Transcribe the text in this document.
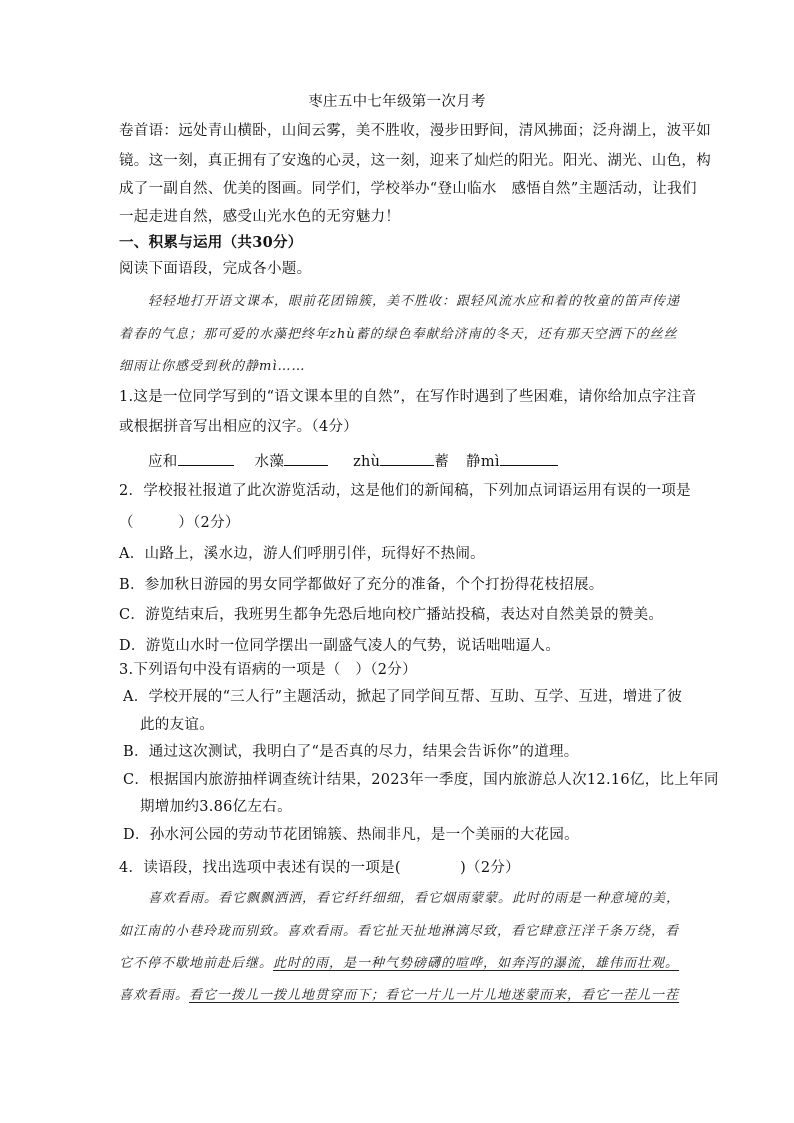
枣庄五中七年级第一次月考
卷首语：远处青山横卧，山间云雾，美不胜收，漫步田野间，清风拂面；泛舟湖上，波平如
镜。这一刻，真正拥有了安逸的心灵，这一刻，迎来了灿烂的阳光。阳光、湖光、山色，构
成了一副自然、优美的图画。同学们，学校举办“登山临水　感悟自然”主题活动，让我们
一起走进自然，感受山光水色的无穷魅力！
一、积累与运用（共30分）
阅读下面语段，完成各小题。
轻轻地打开语文课本，眼前花团锦簇，美不胜收：跟轻风流水应和着的牧童的笛声传递
着春的气息；那可爱的水藻把终年zhù蓄的绿色奉献给济南的冬天，还有那天空洒下的丝丝
细雨让你感受到秋的静mì……
1.这是一位同学写到的“语文课本里的自然”，在写作时遇到了些困难，请你给加点字注音
或根据拼音写出相应的汉字。（4分）
应和	水藻	zhù	蓄 静mì
2．学校报社报道了此次游览活动，这是他们的新闻稿，下列加点词语运用有误的一项是
（　　　）（2分）
A．山路上，溪水边，游人们呼朋引伴，玩得好不热闹。
B．参加秋日游园的男女同学都做好了充分的准备，个个打扮得花枝招展。
C．游览结束后，我班男生都争先恐后地向校广播站投稿，表达对自然美景的赞美。
D．游览山水时一位同学摆出一副盛气凌人的气势，说话咄咄逼人。
3.下列语句中没有语病的一项是（　）（2分）
A．学校开展的“三人行”主题活动，掀起了同学间互帮、互助、互学、互进，增进了彼
此的友谊。
B．通过这次测试，我明白了“是否真的尽力，结果会告诉你”的道理。
C．根据国内旅游抽样调查统计结果，2023年一季度，国内旅游总人次12.16亿，比上年同
期增加约3.86亿左右。
D．孙水河公园的劳动节花团锦簇、热闹非凡，是一个美丽的大花园。
4．读语段，找出选项中表述有误的一项是(　　　　)（2分）
喜欢看雨。看它飘飘洒洒，看它纤纤细细，看它烟雨蒙蒙。此时的雨是一种意境的美，
如江南的小巷玲珑而别致。喜欢看雨。看它扯天扯地淋漓尽致，看它肆意汪洋千条万绕，看
它不停不歇地前赴后继。此时的雨，是一种气势磅礴的喧哗，如奔泻的瀑流，雄伟而壮观。
喜欢看雨。看它一拨儿一拨儿地贯穿而下；看它一片儿一片儿地迷蒙而来，看它一茬儿一茬
